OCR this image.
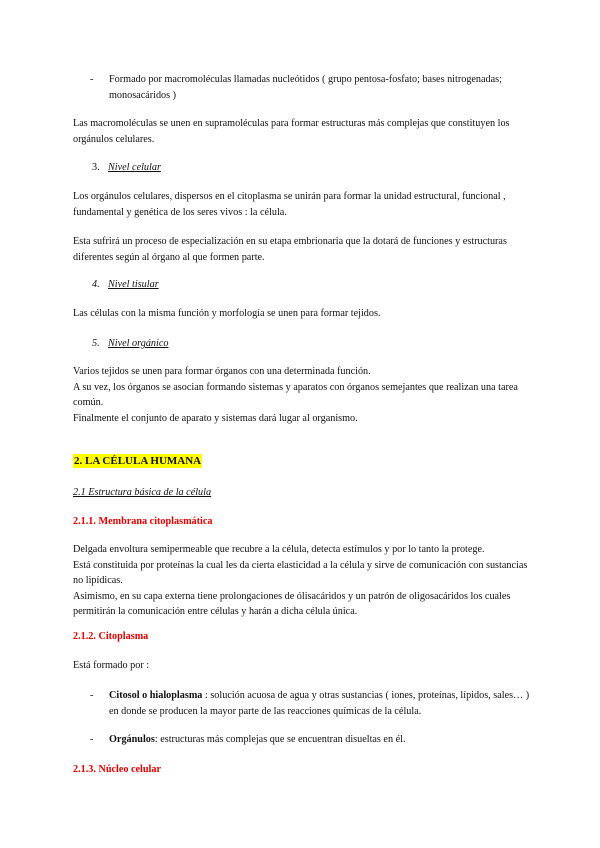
- Formado por macromoléculas llamadas nucleótidos ( grupo pentosa-fosfato; bases nitrogenadas; monosacáridos )
Las macromoléculas se unen en supramoléculas para formar estructuras más complejas que constituyen los orgánulos celulares.
3. Nivel celular
Los orgánulos celulares, dispersos en el citoplasma se unirán para formar la unidad estructural, funcional , fundamental y genética de los seres vivos : la célula.
Esta sufrirá un proceso de especialización en su etapa embrionaria que la dotará de funciones y estructuras diferentes según al órgano al que formen parte.
4. Nivel tisular
Las células con la misma función y morfología se unen para formar tejidos.
5. Nivel orgánico

Varios tejidos se unen para formar órganos con una determinada función.

A su vez, los órganos se asocian formando sistemas y aparatos con órganos semejantes que realizan una tarea común.

Finalmente el conjunto de aparato y sistemas dará lugar al organismo.

2. LA CÉLULA HUMANA
2.1 Estructura básica de la célula
2.1.1. Membrana citoplasmática

Delgada envoltura semipermeable que recubre a la célula, detecta estímulos y por lo tanto la protege.

Está constituida por proteínas la cual les da cierta elasticidad a la célula y sirve de comunicación con sustancias no lipídicas.

Asimismo, en su capa externa tiene prolongaciones de ólisacáridos y un patrón de oligosacáridos los cuales permitirán la comunicación entre células y harán a dicha célula única.

2.1.2. Citoplasma
Está formado por :
- Citosol o hialoplasma : solución acuosa de agua y otras sustancias ( iones, proteínas, lípidos, sales… ) en donde se producen la mayor parte de las reacciones químicas de la célula.
- Orgánulos: estructuras más complejas que se encuentran disueltas en él.
2.1.3. Núcleo celular
